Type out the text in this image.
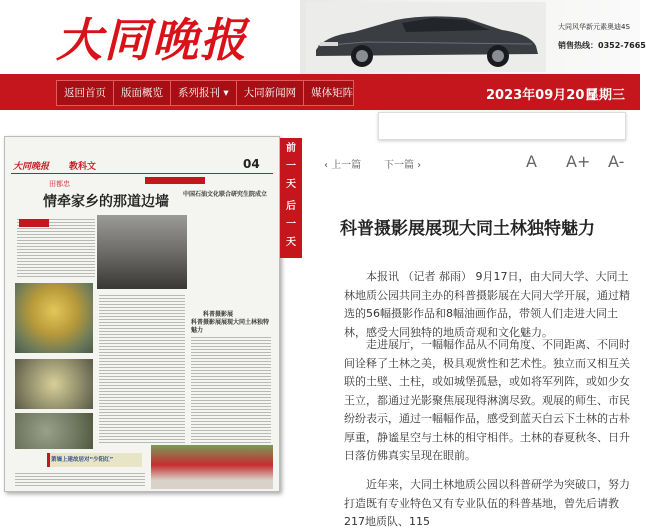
大同晚报	大同风华新元素奥迪4S
销售热线：0352-7665
返回首页	版面概览	系列报刊 ▾	大同新闻网	媒体矩阵	2023年09月20日
星期三
大同晚报 教科文	04
田都忠
情牵家乡的那道边墙 中国石油文化联合研究生院成立
科普摄影展
科普摄影展展现大同土林独特魅力
萧墙上建故居对“少阳红”
前
一
天
后
一
天
‹ 上一篇 下一篇 ›	A A+ A-
科普摄影展展现大同土林独特魅力

本报讯 （记者 郝雨） 9月17日，由大同大学、大同土林地质公园共同主办的科普摄影展在大同大学开展，通过精选的56幅摄影作品和8幅油画作品，带领人们走进大同土林，感受大同独特的地质奇观和文化魅力。

走进展厅，一幅幅作品从不同角度、不同距离、不同时间诠释了土林之美，极具观赏性和艺术性。独立而又相互关联的土壁、土柱，或如城堡孤悬，或如将军列阵，或如少女王立，都通过光影聚焦展现得淋漓尽致。观展的师生、市民纷纷表示，通过一幅幅作品，感受到蓝天白云下土林的古朴厚重，静谧星空与土林的相守相伴。土林的春夏秋冬、日升日落仿佛真实呈现在眼前。

近年来，大同土林地质公园以科普研学为突破口，努力打造既有专业特色又有专业队伍的科普基地，曾先后请教217地质队、115
